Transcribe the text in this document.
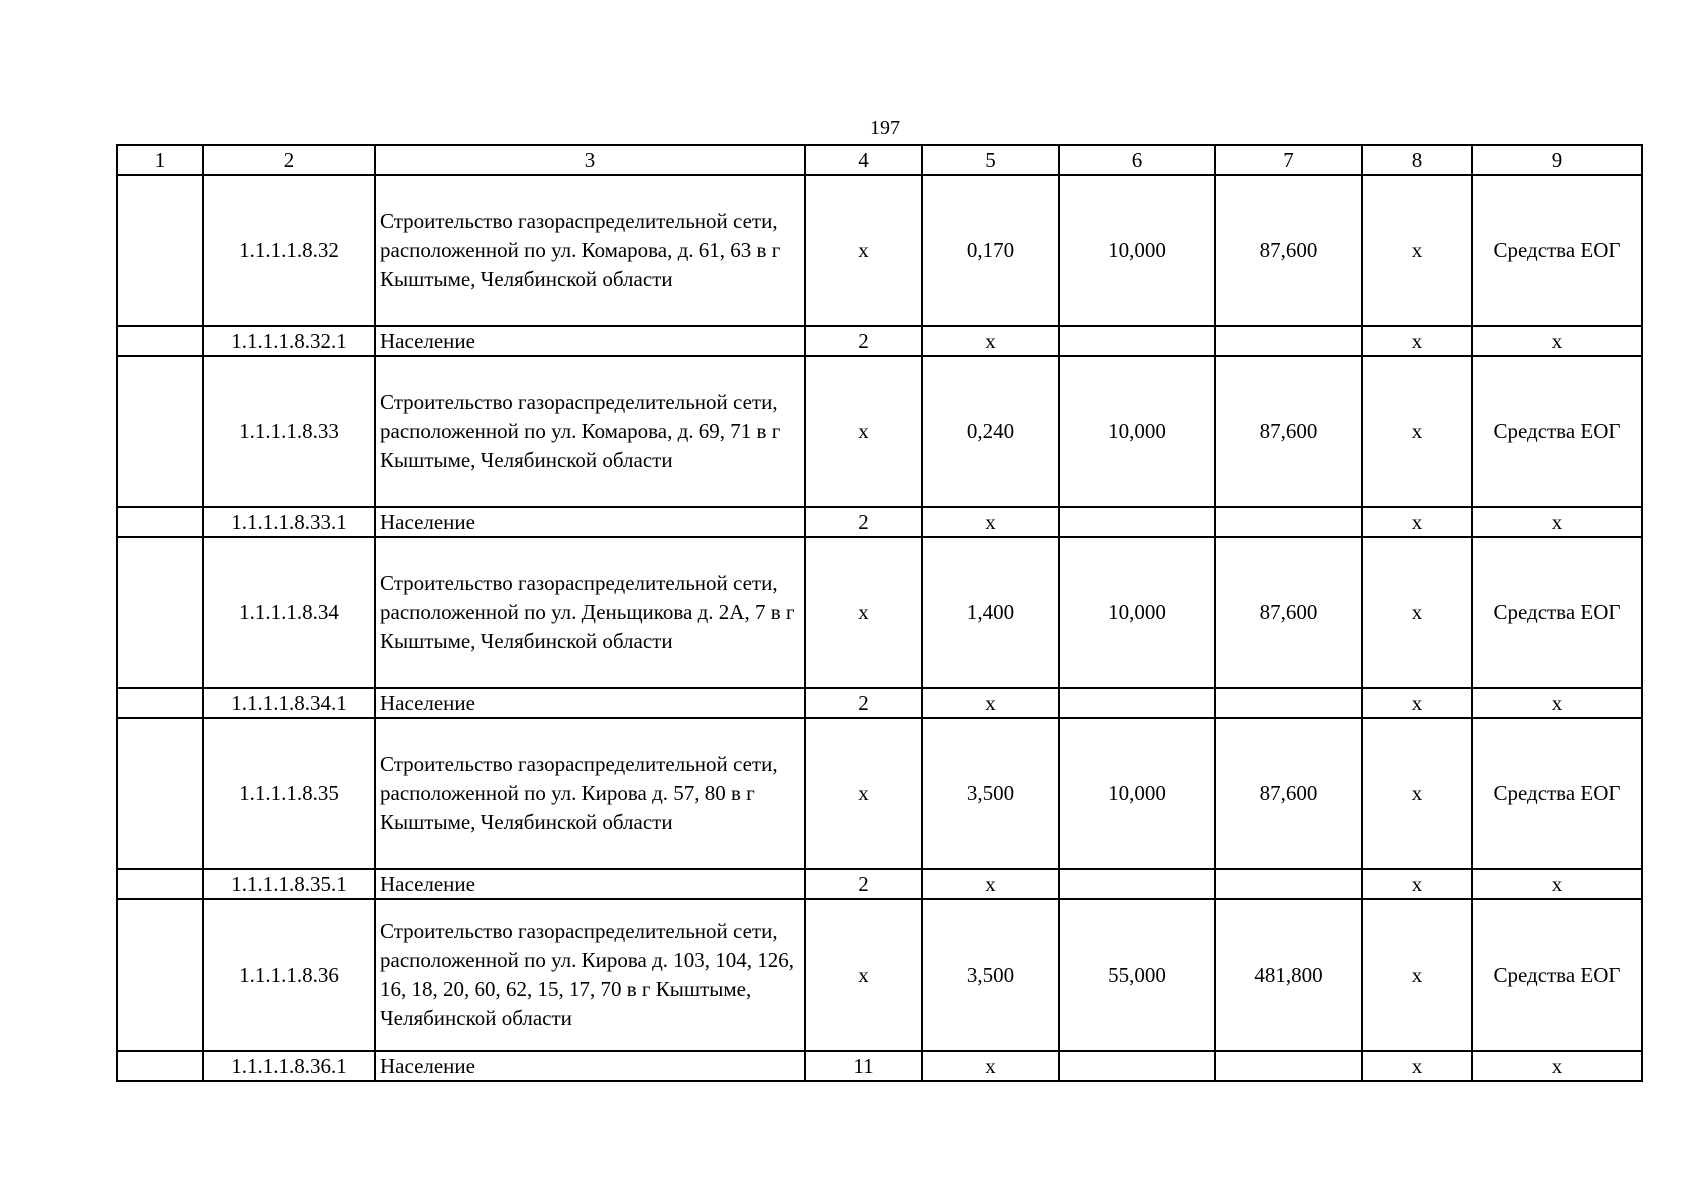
197
1	2	3	4	5	6	7	8	9
	1.1.1.1.8.32	Строительство газораспределительной сети, расположенной по ул. Комарова, д. 61, 63 в г Кыштыме, Челябинской области	х	0,170	10,000	87,600	х	Средства ЕОГ
	1.1.1.1.8.32.1	Население	2	х			х	х
	1.1.1.1.8.33	Строительство газораспределительной сети, расположенной по ул. Комарова, д. 69, 71 в г Кыштыме, Челябинской области	х	0,240	10,000	87,600	х	Средства ЕОГ
	1.1.1.1.8.33.1	Население	2	х			х	х
	1.1.1.1.8.34	Строительство газораспределительной сети, расположенной по ул. Деньщикова д. 2А, 7 в г Кыштыме, Челябинской области	х	1,400	10,000	87,600	х	Средства ЕОГ
	1.1.1.1.8.34.1	Население	2	х			х	х
	1.1.1.1.8.35	Строительство газораспределительной сети, расположенной по ул. Кирова д. 57, 80 в г Кыштыме, Челябинской области	х	3,500	10,000	87,600	х	Средства ЕОГ
	1.1.1.1.8.35.1	Население	2	х			х	х
	1.1.1.1.8.36	Строительство газораспределительной сети, расположенной по ул. Кирова д. 103, 104, 126, 16, 18, 20, 60, 62, 15, 17, 70 в г Кыштыме, Челябинской области	х	3,500	55,000	481,800	х	Средства ЕОГ
	1.1.1.1.8.36.1	Население	11	х			х	х
